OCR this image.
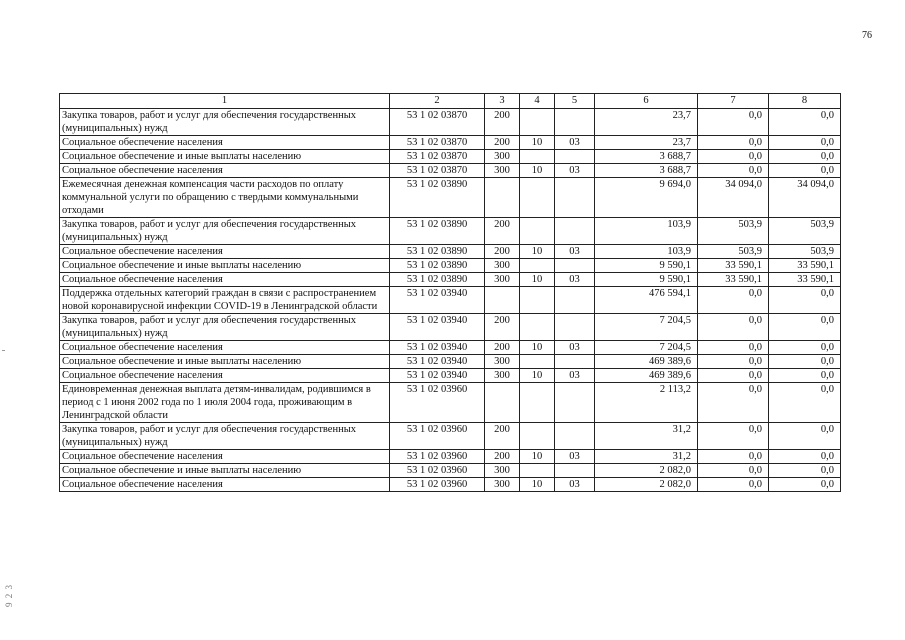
76
1	2	3	4	5	6	7	8
Закупка товаров, работ и услуг для обеспечения государственных (муниципальных) нужд	53 1 02 03870	200			23,7	0,0	0,0
Социальное обеспечение населения	53 1 02 03870	200	10	03	23,7	0,0	0,0
Социальное обеспечение и иные выплаты населению	53 1 02 03870	300			3 688,7	0,0	0,0
Социальное обеспечение населения	53 1 02 03870	300	10	03	3 688,7	0,0	0,0
Ежемесячная денежная компенсация части расходов по оплату коммунальной услуги по обращению с твердыми коммунальными отходами	53 1 02 03890				9 694,0	34 094,0	34 094,0
Закупка товаров, работ и услуг для обеспечения государственных (муниципальных) нужд	53 1 02 03890	200			103,9	503,9	503,9
Социальное обеспечение населения	53 1 02 03890	200	10	03	103,9	503,9	503,9
Социальное обеспечение и иные выплаты населению	53 1 02 03890	300			9 590,1	33 590,1	33 590,1
Социальное обеспечение населения	53 1 02 03890	300	10	03	9 590,1	33 590,1	33 590,1
Поддержка отдельных категорий граждан в связи с распространением новой коронавирусной инфекции COVID-19 в Ленинградской области	53 1 02 03940				476 594,1	0,0	0,0
Закупка товаров, работ и услуг для обеспечения государственных (муниципальных) нужд	53 1 02 03940	200			7 204,5	0,0	0,0
Социальное обеспечение населения	53 1 02 03940	200	10	03	7 204,5	0,0	0,0
Социальное обеспечение и иные выплаты населению	53 1 02 03940	300			469 389,6	0,0	0,0
Социальное обеспечение населения	53 1 02 03940	300	10	03	469 389,6	0,0	0,0
Единовременная денежная выплата детям-инвалидам, родившимся в период с 1 июня 2002 года по 1 июля 2004 года, проживающим в Ленинградской области	53 1 02 03960				2 113,2	0,0	0,0
Закупка товаров, работ и услуг для обеспечения государственных (муниципальных) нужд	53 1 02 03960	200			31,2	0,0	0,0
Социальное обеспечение населения	53 1 02 03960	200	10	03	31,2	0,0	0,0
Социальное обеспечение и иные выплаты населению	53 1 02 03960	300			2 082,0	0,0	0,0
Социальное обеспечение населения	53 1 02 03960	300	10	03	2 082,0	0,0	0,0
9 2 3
